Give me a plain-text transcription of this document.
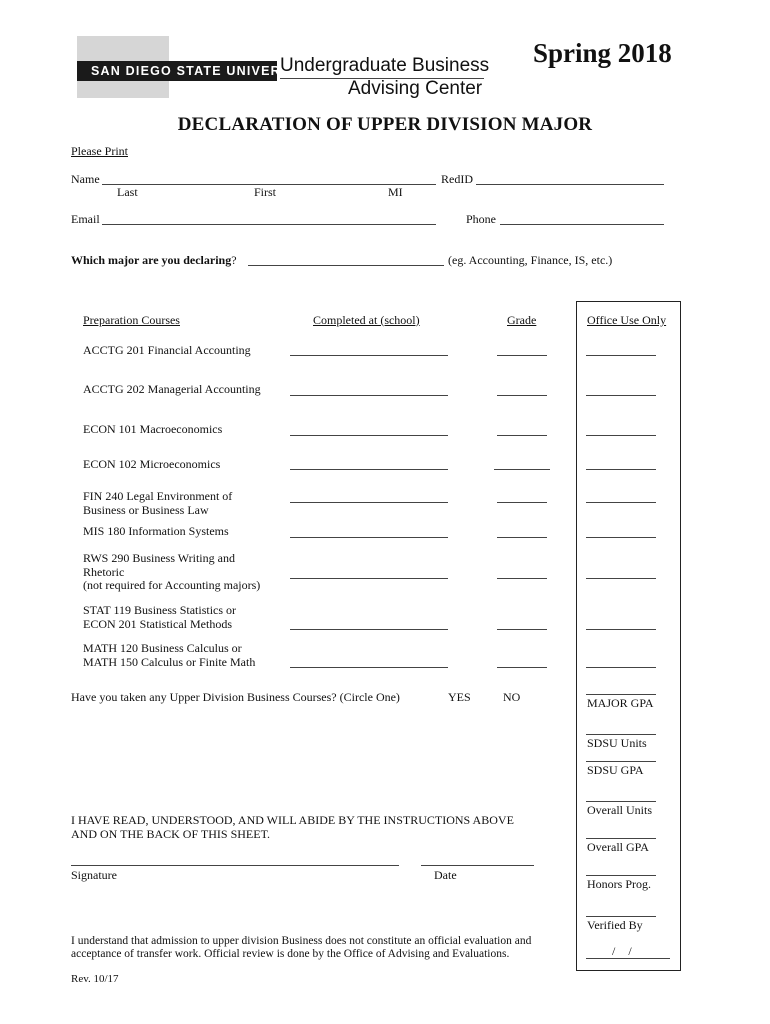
SAN DIEGO STATE UNIVERSITY
Undergraduate Business
Advising Center
Spring 2018
DECLARATION OF UPPER DIVISION MAJOR
Please Print
Name
Last	First	MI
RedID
Email	Phone
Which major are you declaring?	(eg. Accounting, Finance, IS, etc.)
Preparation Courses	Completed at (school)	Grade	Office Use Only
ACCTG 201 Financial Accounting
ACCTG 202 Managerial Accounting
ECON 101 Macroeconomics
ECON 102 Microeconomics
FIN 240 Legal Environment of
Business or Business Law
MIS 180 Information Systems
RWS 290 Business Writing and
Rhetoric
(not required for Accounting majors)
STAT 119 Business Statistics or
ECON 201 Statistical Methods
MATH 120 Business Calculus or
MATH 150 Calculus or Finite Math
Have you taken any Upper Division Business Courses? (Circle One)	YES	NO	MAJOR GPA
SDSU Units
SDSU GPA
Overall Units
Overall GPA
Honors Prog.
Verified By
/ /
I HAVE READ, UNDERSTOOD, AND WILL ABIDE BY THE INSTRUCTIONS ABOVE
AND ON THE BACK OF THIS SHEET.
Signature	Date
I understand that admission to upper division Business does not constitute an official evaluation and
acceptance of transfer work. Official review is done by the Office of Advising and Evaluations.
Rev. 10/17
